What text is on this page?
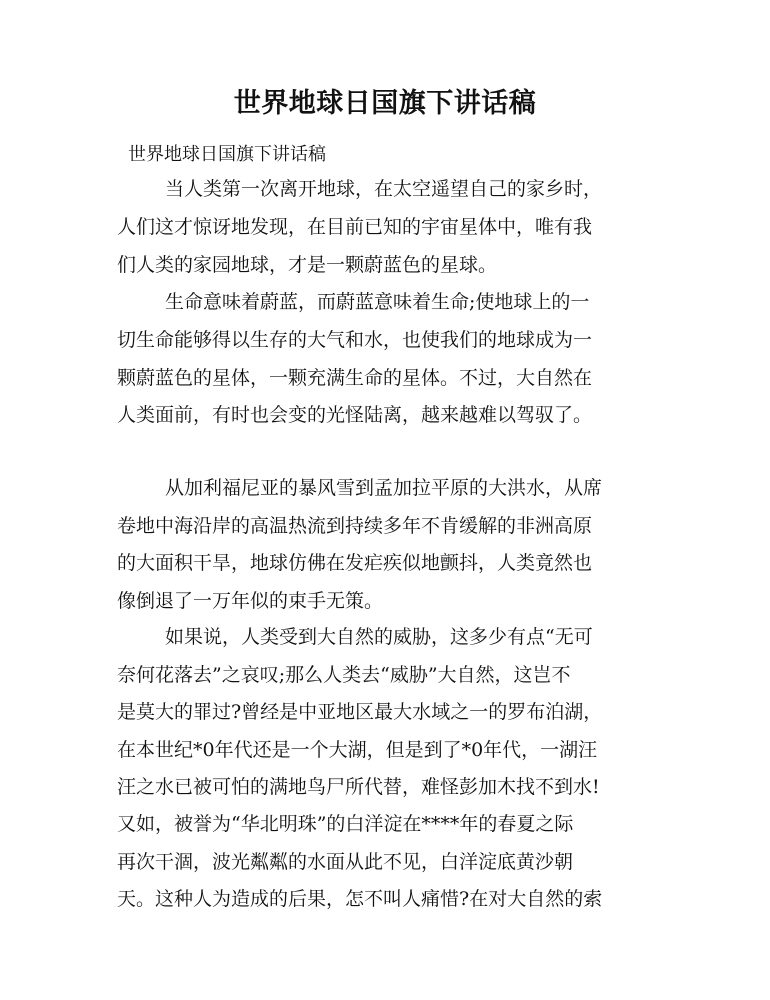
世界地球日国旗下讲话稿
世界地球日国旗下讲话稿
当人类第一次离开地球，在太空遥望自己的家乡时，
人们这才惊讶地发现，在目前已知的宇宙星体中，唯有我
们人类的家园地球，才是一颗蔚蓝色的星球。
生命意味着蔚蓝，而蔚蓝意味着生命;使地球上的一
切生命能够得以生存的大气和水，也使我们的地球成为一
颗蔚蓝色的星体，一颗充满生命的星体。不过，大自然在
人类面前，有时也会变的光怪陆离，越来越难以驾驭了。
从加利福尼亚的暴风雪到孟加拉平原的大洪水，从席
卷地中海沿岸的高温热流到持续多年不肯缓解的非洲高原
的大面积干旱，地球仿佛在发疟疾似地颤抖，人类竟然也
像倒退了一万年似的束手无策。
如果说，人类受到大自然的威胁，这多少有点“无可
奈何花落去”之哀叹;那么人类去“威胁”大自然，这岂不
是莫大的罪过?曾经是中亚地区最大水域之一的罗布泊湖，
在本世纪*0年代还是一个大湖，但是到了*0年代，一湖汪
汪之水已被可怕的满地鸟尸所代替，难怪彭加木找不到水!
又如，被誉为“华北明珠”的白洋淀在****年的春夏之际
再次干涸，波光粼粼的水面从此不见，白洋淀底黄沙朝
天。这种人为造成的后果，怎不叫人痛惜?在对大自然的索
